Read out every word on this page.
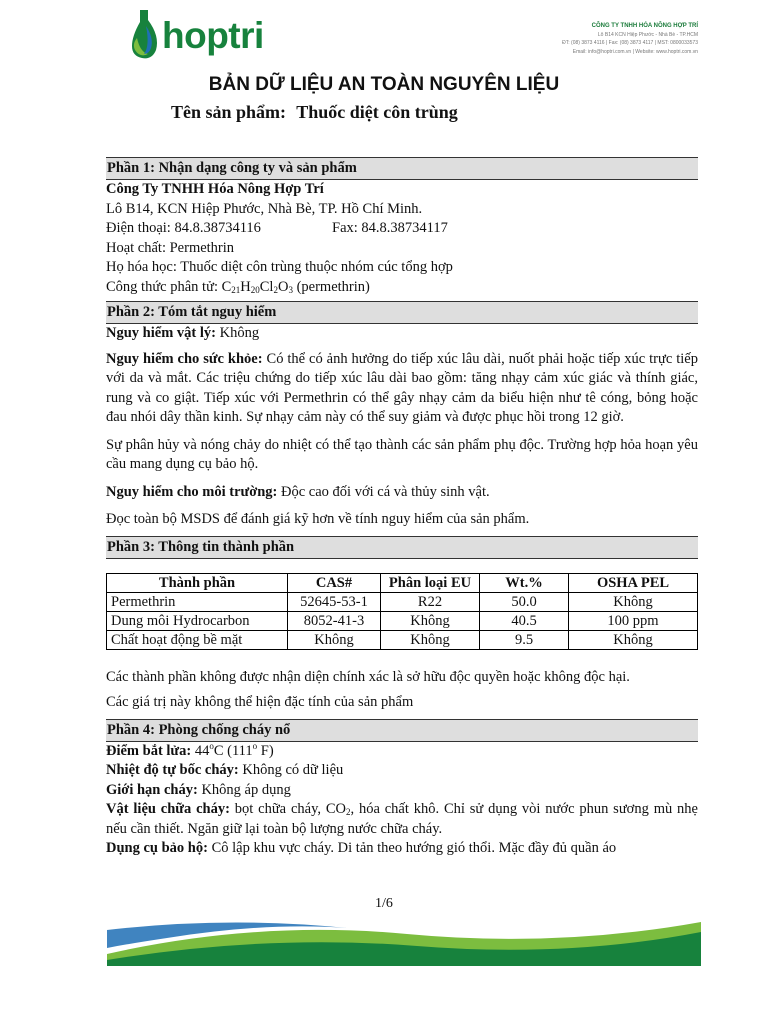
hoptri	CÔNG TY TNHH HÓA NÔNG HỢP TRÍ
Lô B14 KCN Hiệp Phước - Nhà Bè - TP.HCM
ĐT: (08) 3873 4116 | Fax: (08) 3873 4117 | MST: 0800033573
Email: info@hoptri.com.vn | Website: www.hoptri.com.vn
BẢN DỮ LIỆU AN TOÀN NGUYÊN LIỆU
Tên sản phẩm: Thuốc diệt côn trùng
Phần 1: Nhận dạng công ty và sản phẩm
Công Ty TNHH Hóa Nông Hợp Trí
Lô B14, KCN Hiệp Phước, Nhà Bè, TP. Hồ Chí Minh.
Điện thoại: 84.8.38734116	Fax: 84.8.38734117
Hoạt chất: Permethrin
Họ hóa học: Thuốc diệt côn trùng thuộc nhóm cúc tổng hợp
Công thức phân tử: $C_{21}H_{20}Cl_2O_3$ (permethrin)
Phần 2: Tóm tắt nguy hiểm
Nguy hiểm vật lý: Không

Nguy hiểm cho sức khỏe: Có thể có ảnh hưởng do tiếp xúc lâu dài, nuốt phải hoặc tiếp xúc trực tiếp với da và mắt. Các triệu chứng do tiếp xúc lâu dài bao gồm: tăng nhạy cảm xúc giác và thính giác, rung và co giật. Tiếp xúc với Permethrin có thể gây nhạy cảm da biểu hiện như tê cóng, bỏng hoặc đau nhói dây thần kinh. Sự nhạy cảm này có thể suy giảm và được phục hồi trong 12 giờ.

Sự phân hủy và nóng chảy do nhiệt có thể tạo thành các sản phẩm phụ độc. Trường hợp hỏa hoạn yêu cầu mang dụng cụ bảo hộ.

Nguy hiểm cho môi trường: Độc cao đối với cá và thủy sinh vật.
Đọc toàn bộ MSDS để đánh giá kỹ hơn về tính nguy hiểm của sản phẩm.
Phần 3: Thông tin thành phần
Thành phần	CAS#	Phân loại EU	Wt.%	OSHA PEL
Permethrin	52645-53-1	R22	50.0	Không
Dung môi Hydrocarbon	8052-41-3	Không	40.5	100 ppm
Chất hoạt động bề mặt	Không	Không	9.5	Không
Các thành phần không được nhận diện chính xác là sở hữu độc quyền hoặc không độc hại.
Các giá trị này không thể hiện đặc tính của sản phẩm
Phần 4: Phòng chống cháy nổ
Điểm bắt lửa: 44$^o$C (111$^o$ F)
Nhiệt độ tự bốc cháy: Không có dữ liệu
Giới hạn cháy: Không áp dụng

Vật liệu chữa cháy: bọt chữa cháy, $CO_2$, hóa chất khô. Chỉ sử dụng vòi nước phun sương mù nhẹ nếu cần thiết. Ngăn giữ lại toàn bộ lượng nước chữa cháy.

Dụng cụ bảo hộ: Cô lập khu vực cháy. Di tản theo hướng gió thổi. Mặc đầy đủ quần áo
1/6
